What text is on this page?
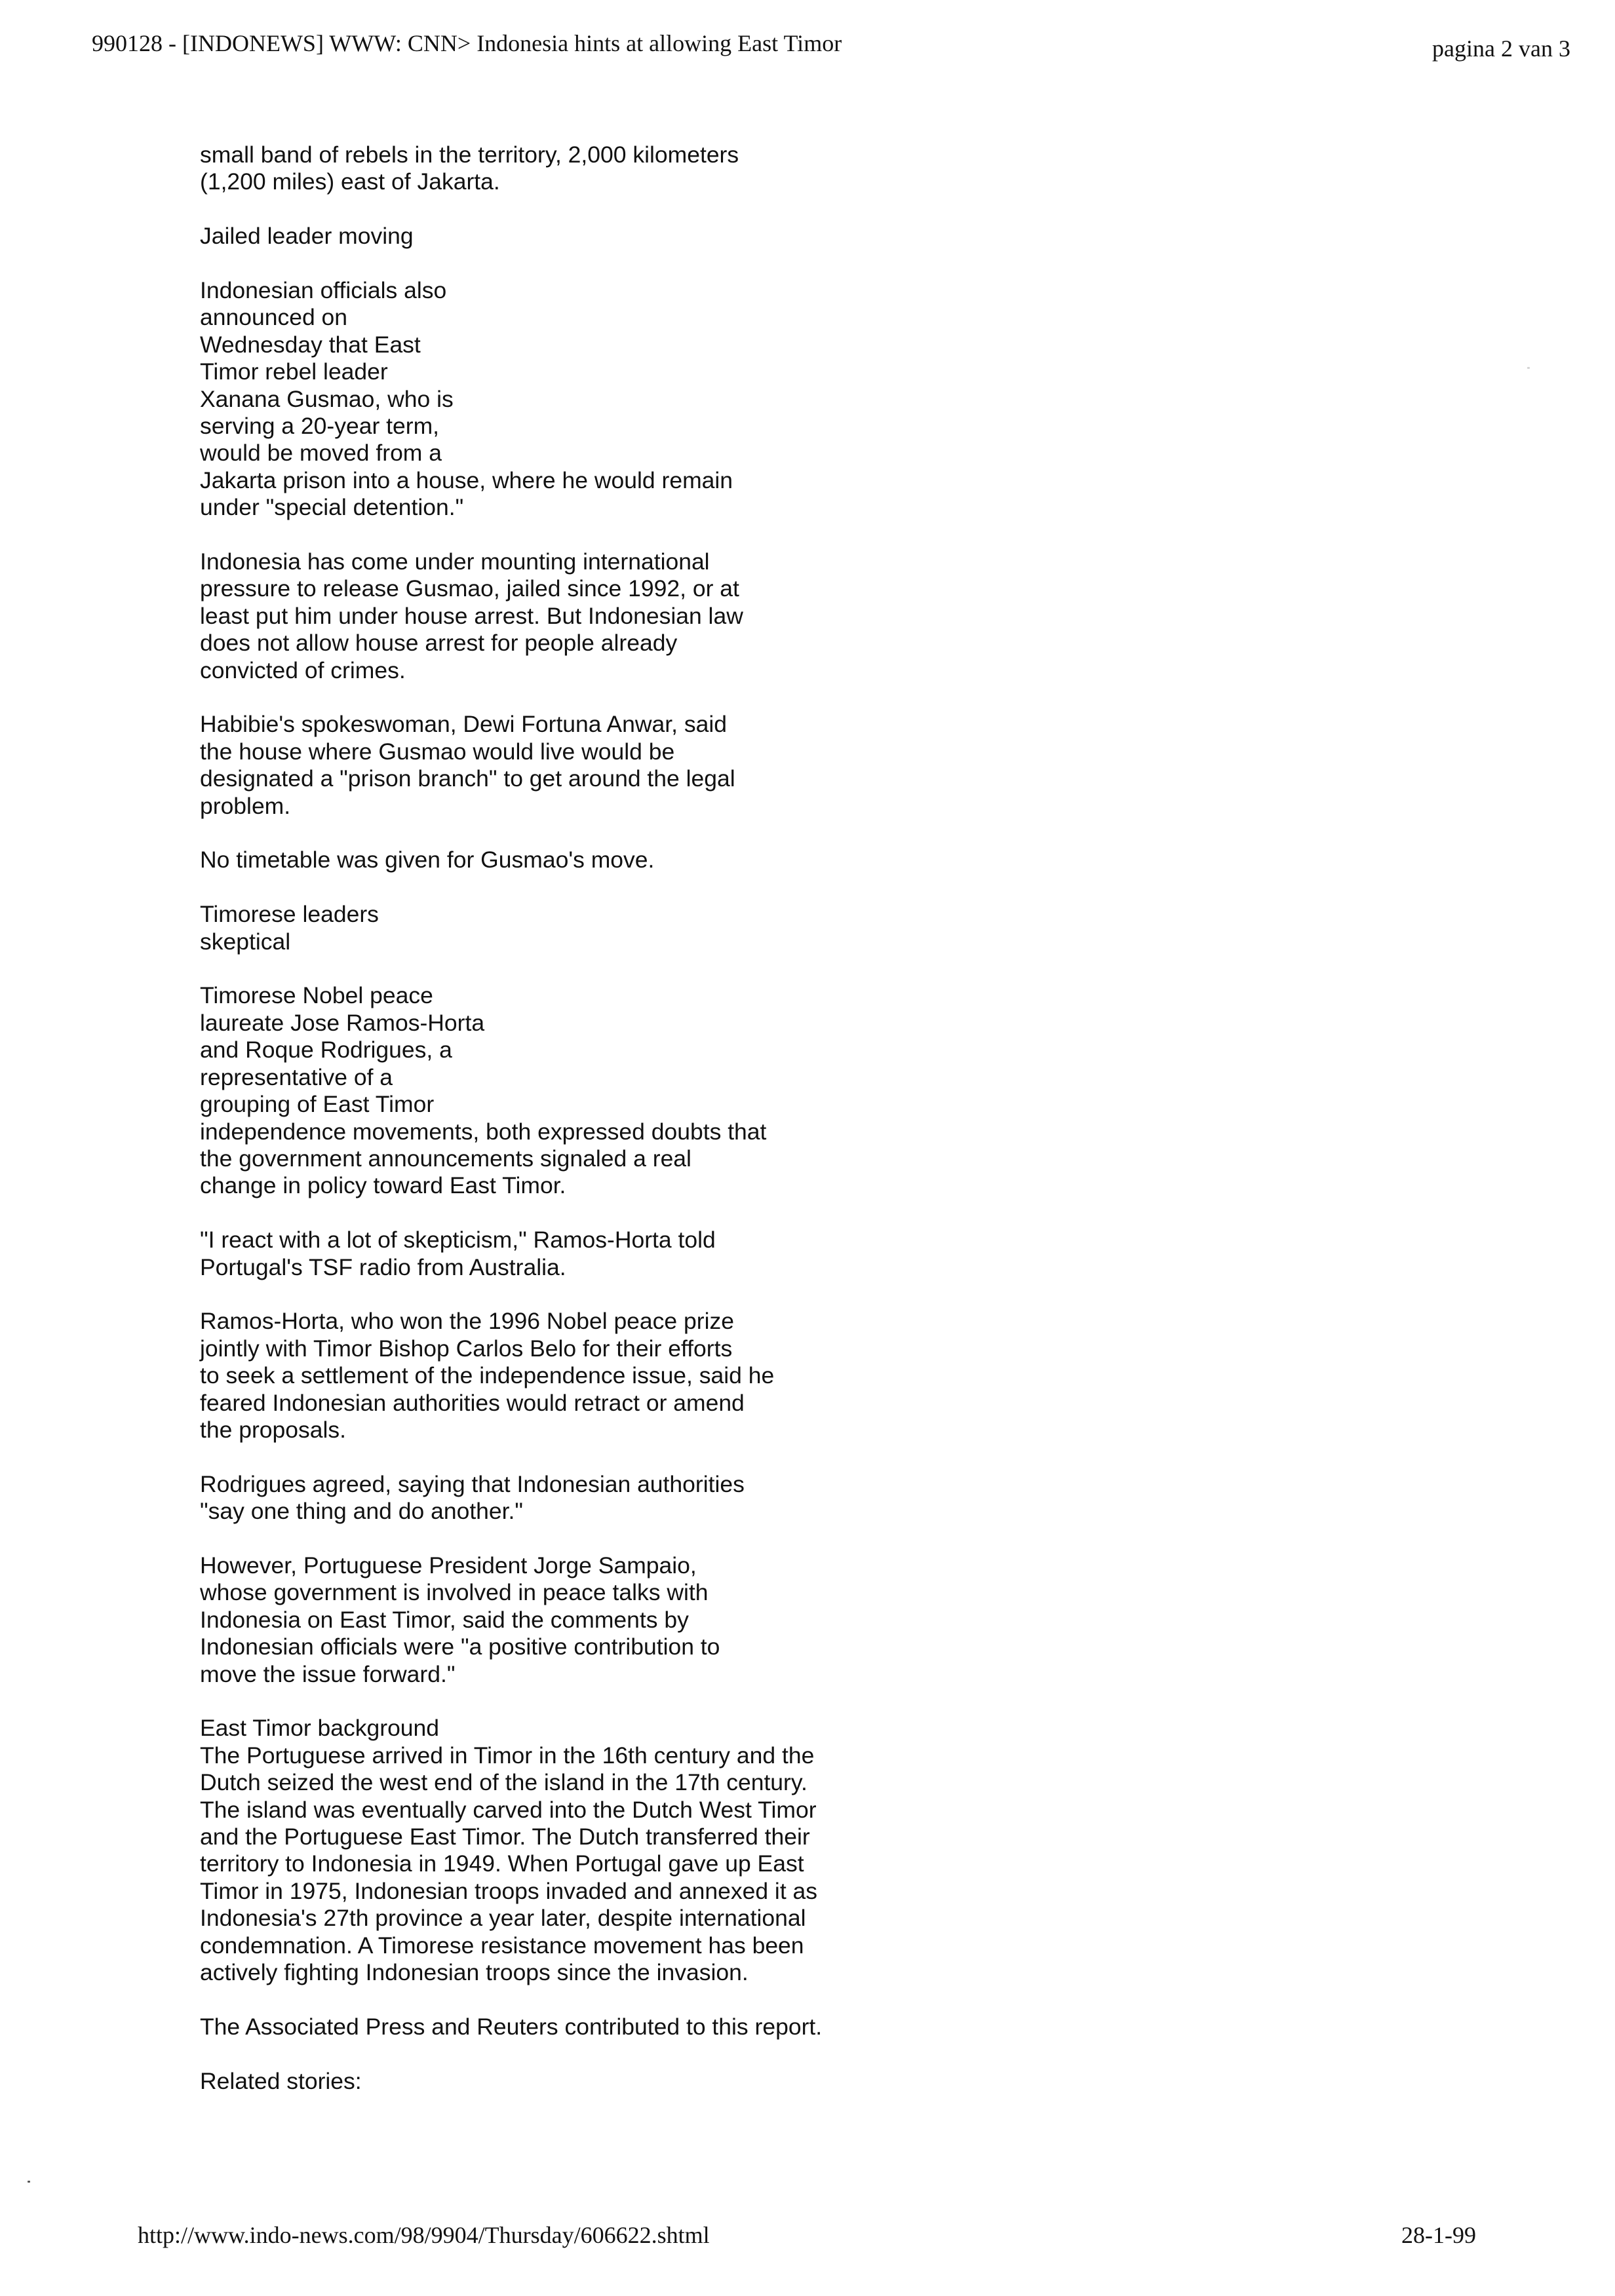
990128 - [INDONEWS] WWW: CNN> Indonesia hints at allowing East Timor	pagina 2 van 3
small band of rebels in the territory, 2,000 kilometers
(1,200 miles) east of Jakarta.
Jailed leader moving
Indonesian officials also
announced on
Wednesday that East
Timor rebel leader
Xanana Gusmao, who is
serving a 20-year term,
would be moved from a
Jakarta prison into a house, where he would remain
under "special detention."
Indonesia has come under mounting international
pressure to release Gusmao, jailed since 1992, or at
least put him under house arrest. But Indonesian law
does not allow house arrest for people already
convicted of crimes.
Habibie's spokeswoman, Dewi Fortuna Anwar, said
the house where Gusmao would live would be
designated a "prison branch" to get around the legal
problem.
No timetable was given for Gusmao's move.
Timorese leaders
skeptical
Timorese Nobel peace
laureate Jose Ramos-Horta
and Roque Rodrigues, a
representative of a
grouping of East Timor
independence movements, both expressed doubts that
the government announcements signaled a real
change in policy toward East Timor.
"I react with a lot of skepticism," Ramos-Horta told
Portugal's TSF radio from Australia.
Ramos-Horta, who won the 1996 Nobel peace prize
jointly with Timor Bishop Carlos Belo for their efforts
to seek a settlement of the independence issue, said he
feared Indonesian authorities would retract or amend
the proposals.
Rodrigues agreed, saying that Indonesian authorities
"say one thing and do another."
However, Portuguese President Jorge Sampaio,
whose government is involved in peace talks with
Indonesia on East Timor, said the comments by
Indonesian officials were "a positive contribution to
move the issue forward."
East Timor background
The Portuguese arrived in Timor in the 16th century and the
Dutch seized the west end of the island in the 17th century.
The island was eventually carved into the Dutch West Timor
and the Portuguese East Timor. The Dutch transferred their
territory to Indonesia in 1949. When Portugal gave up East
Timor in 1975, Indonesian troops invaded and annexed it as
Indonesia's 27th province a year later, despite international
condemnation. A Timorese resistance movement has been
actively fighting Indonesian troops since the invasion.
The Associated Press and Reuters contributed to this report.
Related stories:
http://www.indo-news.com/98/9904/Thursday/606622.shtml	28-1-99
